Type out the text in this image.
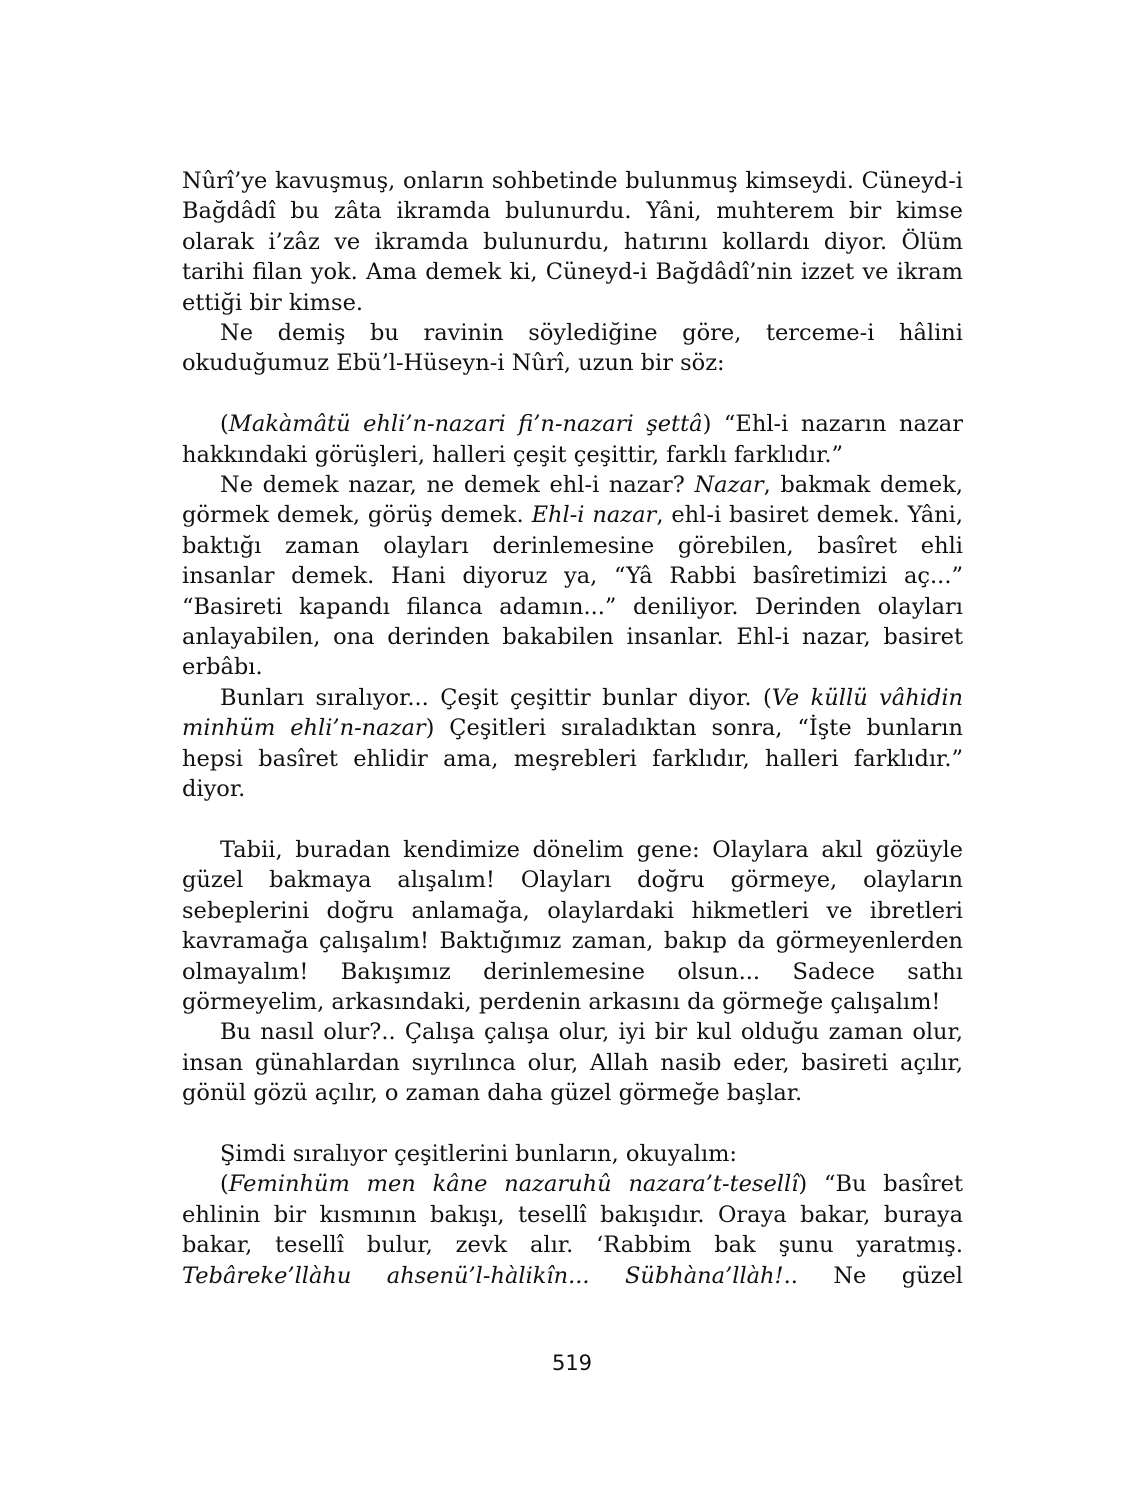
Nûrî’ye kavuşmuş, onların sohbetinde bulunmuş kimseydi. Cüneyd-i Bağdâdî bu zâta ikramda bulunurdu. Yâni, muhterem bir kimse olarak i’zâz ve ikramda bulunurdu, hatırını kollardı diyor. Ölüm tarihi filan yok. Ama demek ki, Cüneyd-i Bağdâdî’nin izzet ve ikram ettiği bir kimse.

Ne demiş bu ravinin söylediğine göre, terceme-i hâlini okuduğumuz Ebü’l-Hüseyn-i Nûrî, uzun bir söz:

(Makàmâtü ehli’n-nazari fi’n-nazari şettâ) “Ehl-i nazarın nazar hakkındaki görüşleri, halleri çeşit çeşittir, farklı farklıdır.”

Ne demek nazar, ne demek ehl-i nazar? Nazar, bakmak demek, görmek demek, görüş demek. Ehl-i nazar, ehl-i basiret demek. Yâni, baktığı zaman olayları derinlemesine görebilen, basîret ehli insanlar demek. Hani diyoruz ya, “Yâ Rabbi basîretimizi aç...” “Basireti kapandı filanca adamın...” deniliyor. Derinden olayları anlayabilen, ona derinden bakabilen insanlar. Ehl-i nazar, basiret erbâbı.

Bunları sıralıyor... Çeşit çeşittir bunlar diyor. (Ve küllü vâhidin minhüm ehli’n-nazar) Çeşitleri sıraladıktan sonra, “İşte bunların hepsi basîret ehlidir ama, meşrebleri farklıdır, halleri farklıdır.” diyor.

Tabii, buradan kendimize dönelim gene: Olaylara akıl gözüyle güzel bakmaya alışalım! Olayları doğru görmeye, olayların sebeplerini doğru anlamağa, olaylardaki hikmetleri ve ibretleri kavramağa çalışalım! Baktığımız zaman, bakıp da görmeyenlerden olmayalım! Bakışımız derinlemesine olsun... Sadece sathı görmeyelim, arkasındaki, perdenin arkasını da görmeğe çalışalım!

Bu nasıl olur?.. Çalışa çalışa olur, iyi bir kul olduğu zaman olur, insan günahlardan sıyrılınca olur, Allah nasib eder, basireti açılır, gönül gözü açılır, o zaman daha güzel görmeğe başlar.

Şimdi sıralıyor çeşitlerini bunların, okuyalım:

(Feminhüm men kâne nazaruhû nazara’t-tesellî) “Bu basîret ehlinin bir kısmının bakışı, tesellî bakışıdır. Oraya bakar, buraya bakar, tesellî bulur, zevk alır. ‘Rabbim bak şunu yaratmış. Tebâreke’llàhu ahsenü’l-hàlikîn... Sübhàna’llàh!.. Ne güzel

519
